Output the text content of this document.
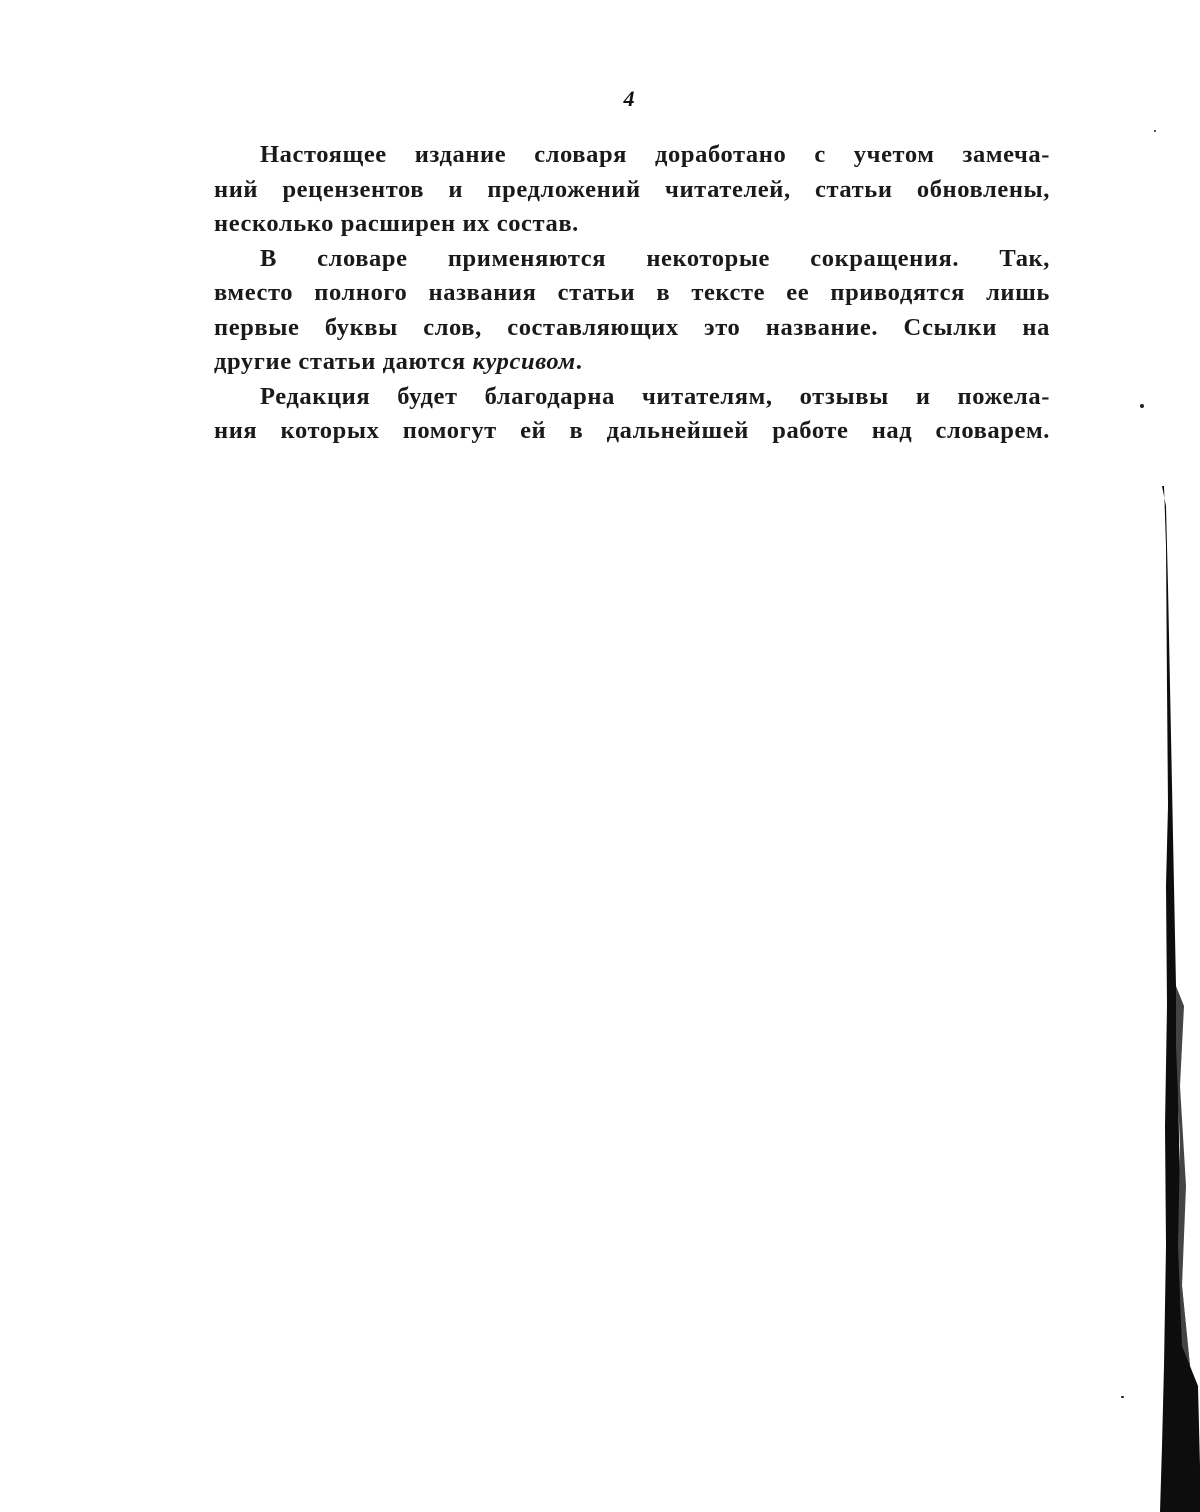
4
Настоящее издание словаря доработано с учетом замеча-
ний рецензентов и предложений читателей, статьи обновлены,
несколько расширен их состав.
В словаре применяются некоторые сокращения. Так,
вместо полного названия статьи в тексте ее приводятся лишь
первые буквы слов, составляющих это название. Ссылки на
другие статьи даются курсивом.
Редакция будет благодарна читателям, отзывы и пожела-
ния которых помогут ей в дальнейшей работе над словарем.
